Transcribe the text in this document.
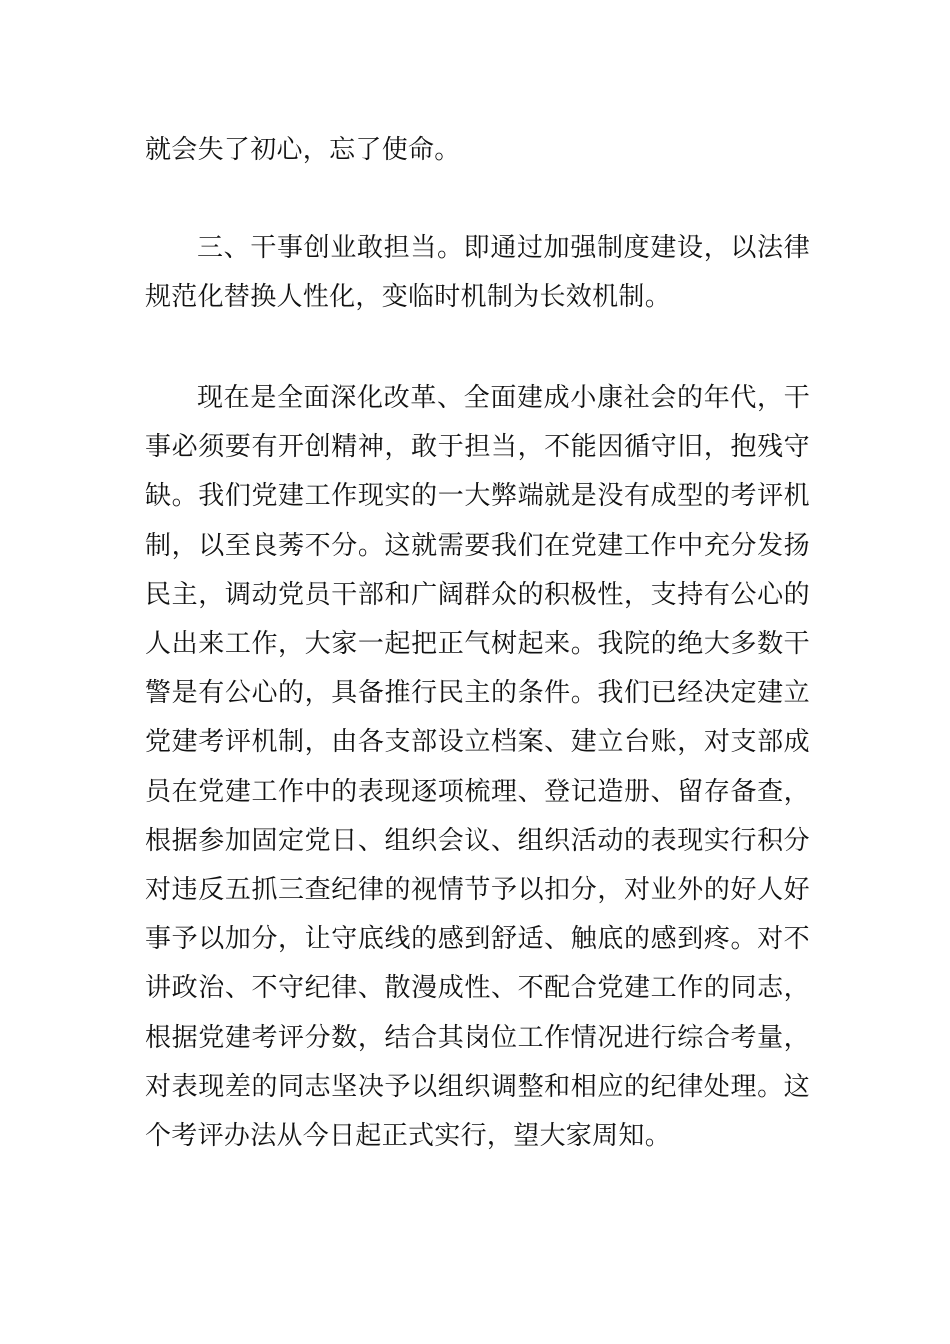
就会失了初心，忘了使命。

三、干事创业敢担当。即通过加强制度建设，以法律规范化替换人性化，变临时机制为长效机制。

现在是全面深化改革、全面建成小康社会的年代，干事必须要有开创精神，敢于担当，不能因循守旧，抱残守缺。我们党建工作现实的一大弊端就是没有成型的考评机制，以至良莠不分。这就需要我们在党建工作中充分发扬民主，调动党员干部和广阔群众的积极性，支持有公心的人出来工作，大家一起把正气树起来。我院的绝大多数干警是有公心的，具备推行民主的条件。我们已经决定建立党建考评机制，由各支部设立档案、建立台账，对支部成员在党建工作中的表现逐项梳理、登记造册、留存备查，根据参加固定党日、组织会议、组织活动的表现实行积分对违反五抓三查纪律的视情节予以扣分，对业外的好人好事予以加分，让守底线的感到舒适、触底的感到疼。对不讲政治、不守纪律、散漫成性、不配合党建工作的同志，根据党建考评分数，结合其岗位工作情况进行综合考量，对表现差的同志坚决予以组织调整和相应的纪律处理。这个考评办法从今日起正式实行，望大家周知。
